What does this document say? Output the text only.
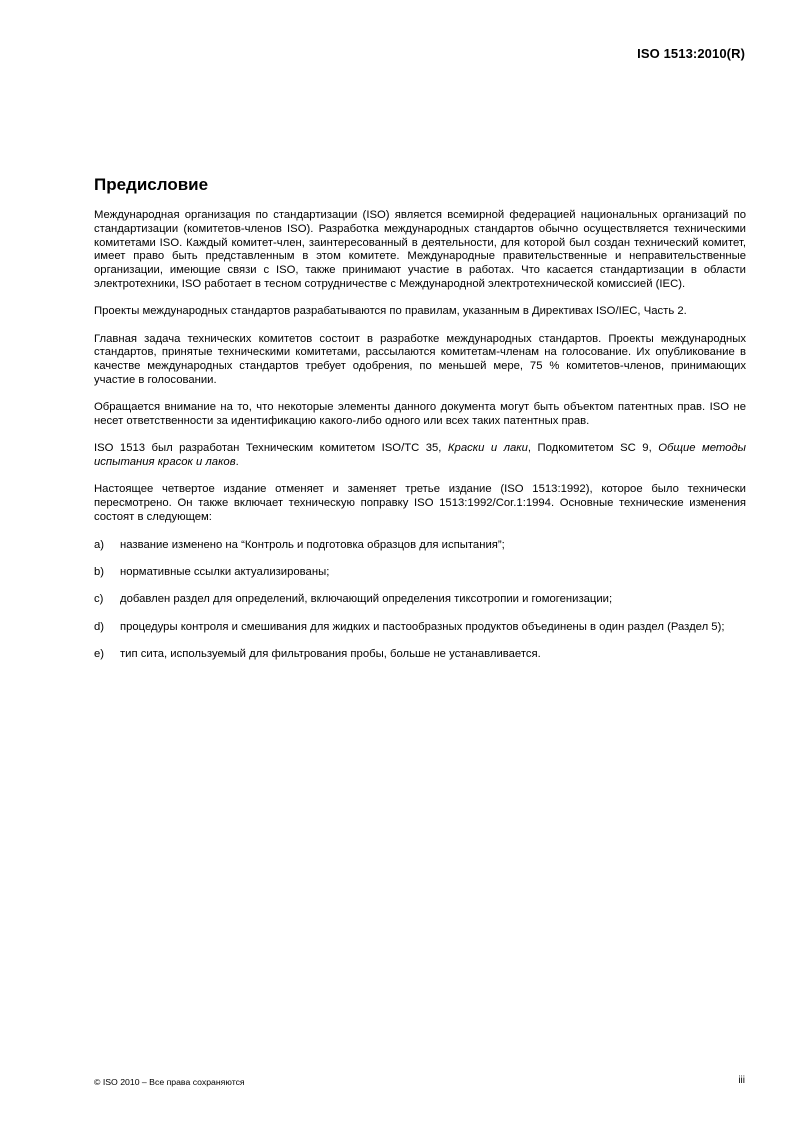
ISO 1513:2010(R)
Предисловие

Международная организация по стандартизации (ISO) является всемирной федерацией национальных организаций по стандартизации (комитетов-членов ISO). Разработка международных стандартов обычно осуществляется техническими комитетами ISO. Каждый комитет-член, заинтересованный в деятельности, для которой был создан технический комитет, имеет право быть представленным в этом комитете. Международные правительственные и неправительственные организации, имеющие связи с ISO, также принимают участие в работах. Что касается стандартизации в области электротехники, ISO работает в тесном сотрудничестве с Международной электротехнической комиссией (IEC).

Проекты международных стандартов разрабатываются по правилам, указанным в Директивах ISO/IEC, Часть 2.

Главная задача технических комитетов состоит в разработке международных стандартов. Проекты международных стандартов, принятые техническими комитетами, рассылаются комитетам-членам на голосование. Их опубликование в качестве международных стандартов требует одобрения, по меньшей мере, 75 % комитетов-членов, принимающих участие в голосовании.

Обращается внимание на то, что некоторые элементы данного документа могут быть объектом патентных прав. ISO не несет ответственности за идентификацию какого-либо одного или всех таких патентных прав.

ISO 1513 был разработан Техническим комитетом ISO/TC 35, Краски и лаки, Подкомитетом SC 9, Общие методы испытания красок и лаков.

Настоящее четвертое издание отменяет и заменяет третье издание (ISO 1513:1992), которое было технически пересмотрено. Он также включает техническую поправку ISO 1513:1992/Cor.1:1994. Основные технические изменения состоят в следующем:

a)	название изменено на “Контроль и подготовка образцов для испытания”;
b)	нормативные ссылки актуализированы;
c)	добавлен раздел для определений, включающий определения тиксотропии и гомогенизации;
d)	процедуры контроля и смешивания для жидких и пастообразных продуктов объединены в один раздел (Раздел 5);
e)	тип сита, используемый для фильтрования пробы, больше не устанавливается.
© ISO 2010 – Все права сохраняются	iii
